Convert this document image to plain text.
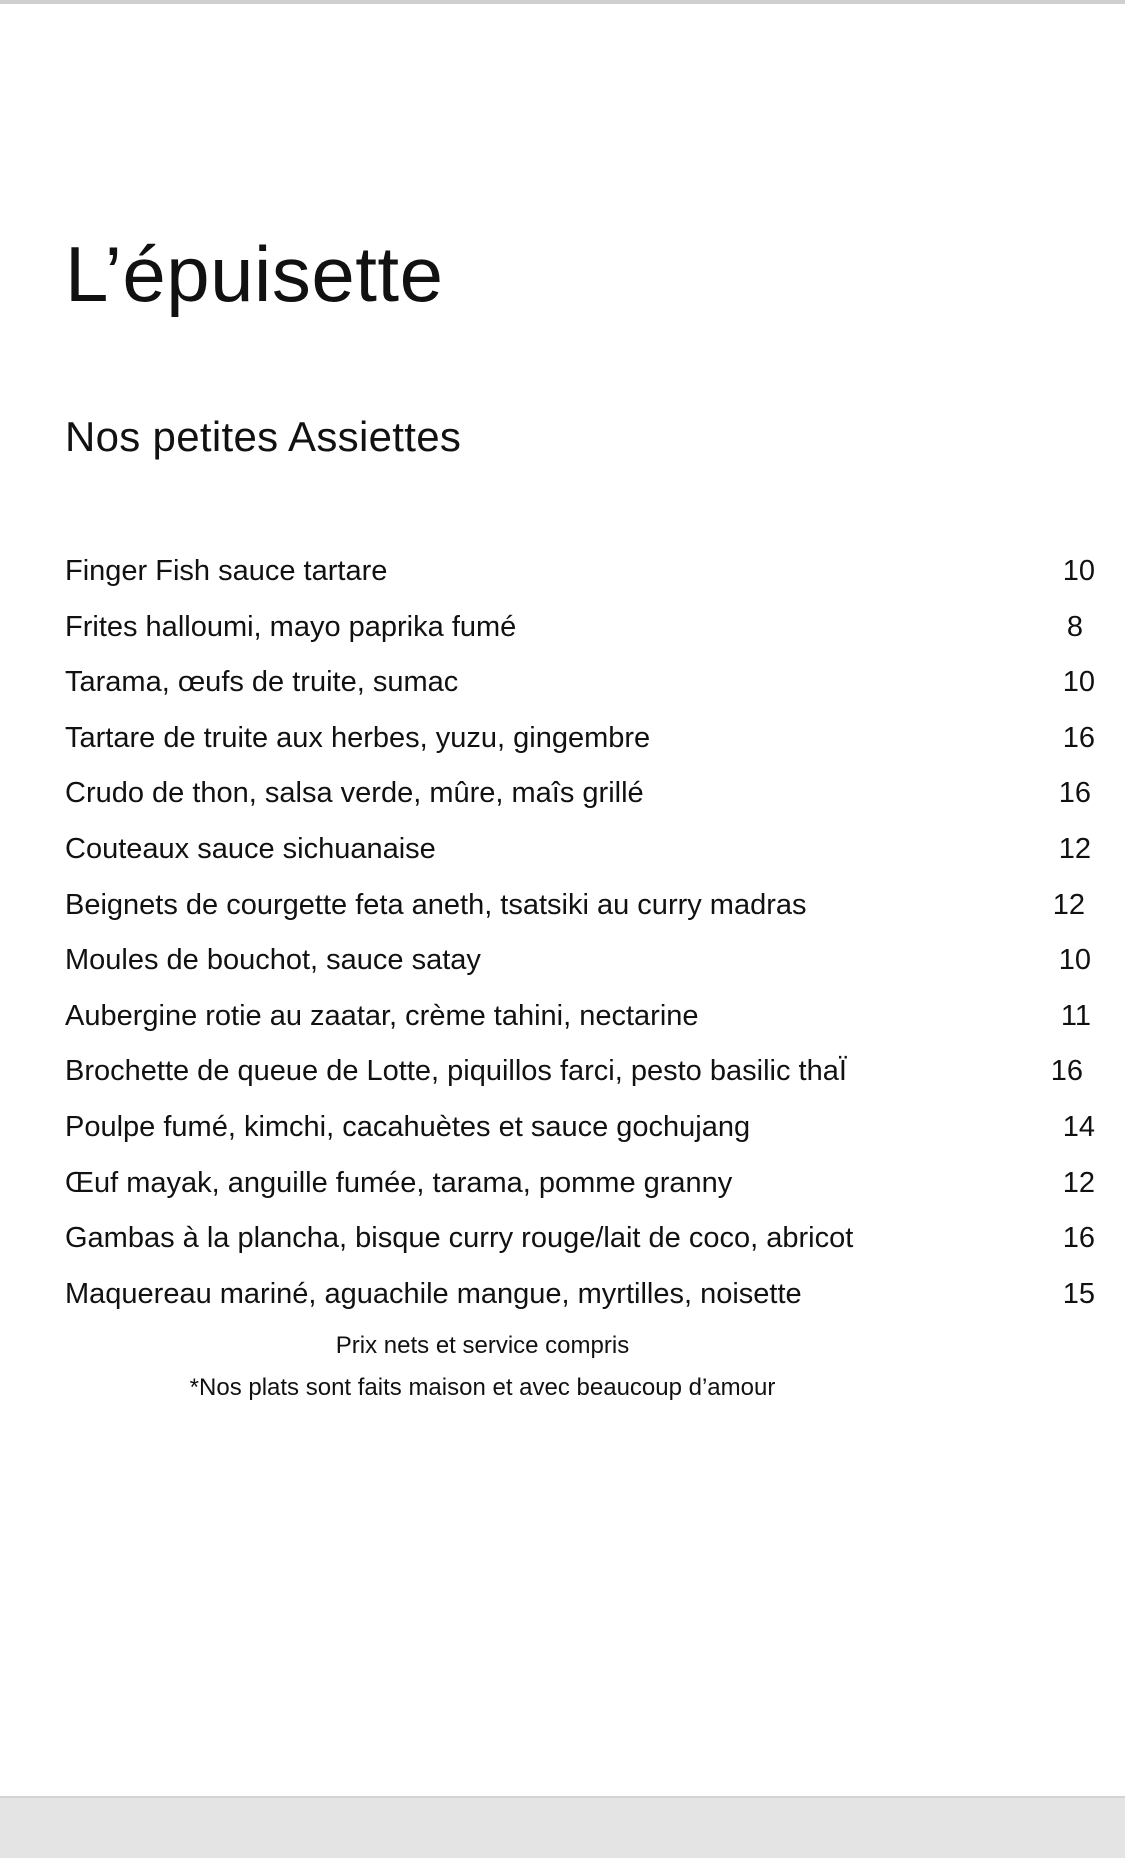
L’épuisette
Nos petites Assiettes
Finger Fish sauce tartare	10
Frites halloumi, mayo paprika fumé	8
Tarama, œufs de truite, sumac	10
Tartare de truite aux herbes, yuzu, gingembre	16
Crudo de thon, salsa verde, mûre, maîs grillé	16
Couteaux sauce sichuanaise	12
Beignets de courgette feta aneth, tsatsiki au curry madras	12
Moules de bouchot, sauce satay	10
Aubergine rotie au zaatar, crème tahini, nectarine	11
Brochette de queue de Lotte, piquillos farci, pesto basilic thaÏ	16
Poulpe fumé, kimchi, cacahuètes et sauce gochujang	14
Œuf mayak, anguille fumée, tarama, pomme granny	12
Gambas à la plancha, bisque curry rouge/lait de coco, abricot	16
Maquereau mariné, aguachile mangue, myrtilles, noisette	15
Prix nets et service compris
*Nos plats sont faits maison et avec beaucoup d’amour
